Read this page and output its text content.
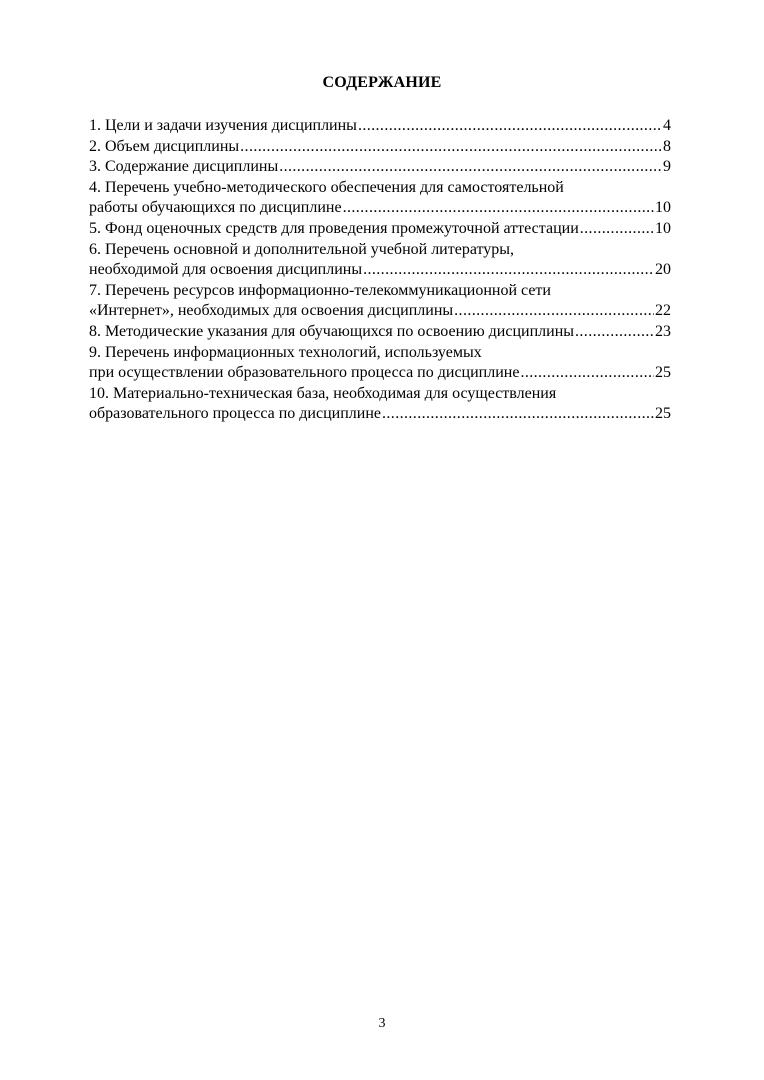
СОДЕРЖАНИЕ
1. Цели и задачи изучения дисциплины .....	4
2. Объем дисциплины .....	8
3. Содержание дисциплины .....	9
4. Перечень учебно-методического обеспечения для самостоятельной
работы обучающихся по дисциплине .....	10
5. Фонд оценочных средств для проведения промежуточной аттестации .....	10
6. Перечень основной и дополнительной учебной литературы,
необходимой для освоения дисциплины .....	20
7. Перечень ресурсов информационно-телекоммуникационной сети
«Интернет», необходимых для освоения дисциплины .....	22
8. Методические указания для обучающихся по освоению дисциплины .....	23
9. Перечень информационных технологий, используемых
при осуществлении образовательного процесса по дисциплине .....	25
10. Материально-техническая база, необходимая для осуществления
образовательного процесса по дисциплине .....	25
3
